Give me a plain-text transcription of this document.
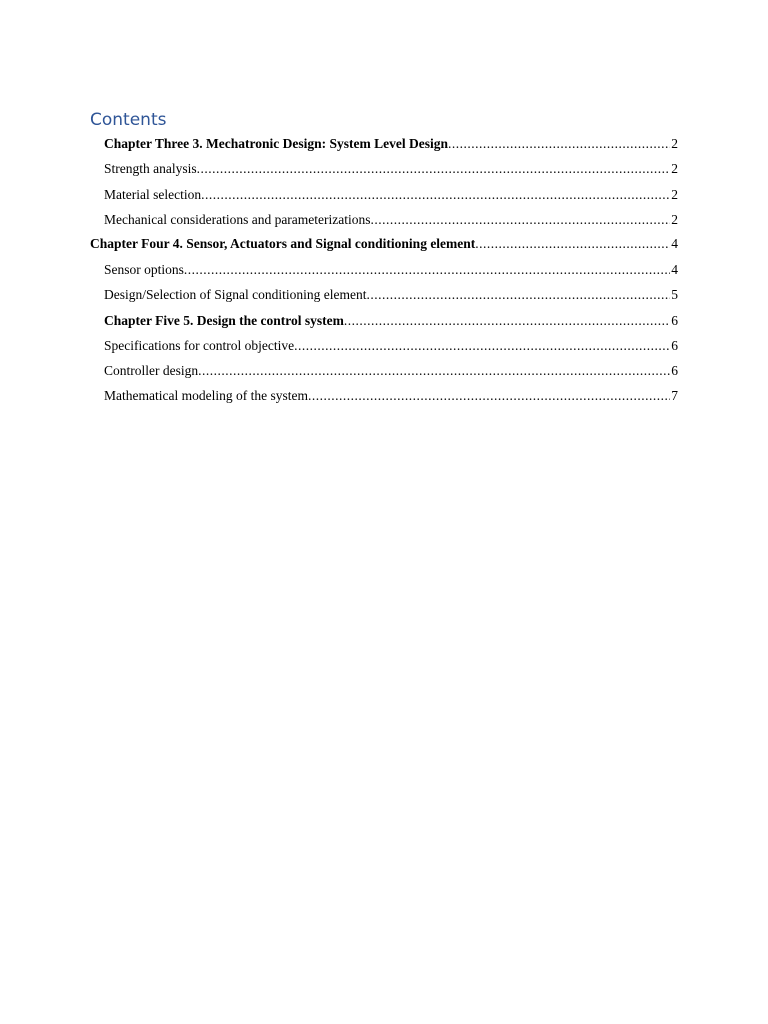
Contents
Chapter Three 3. Mechatronic Design: System Level Design .....	2
Strength analysis .....	2
Material selection .....	2
Mechanical considerations and parameterizations .....	2
Chapter Four 4. Sensor, Actuators and Signal conditioning element .....	4
Sensor options .....	4
Design/Selection of Signal conditioning element .....	5
Chapter Five 5. Design the control system .....	6
Specifications for control objective .....	6
Controller design .....	6
Mathematical modeling of the system .....	7
